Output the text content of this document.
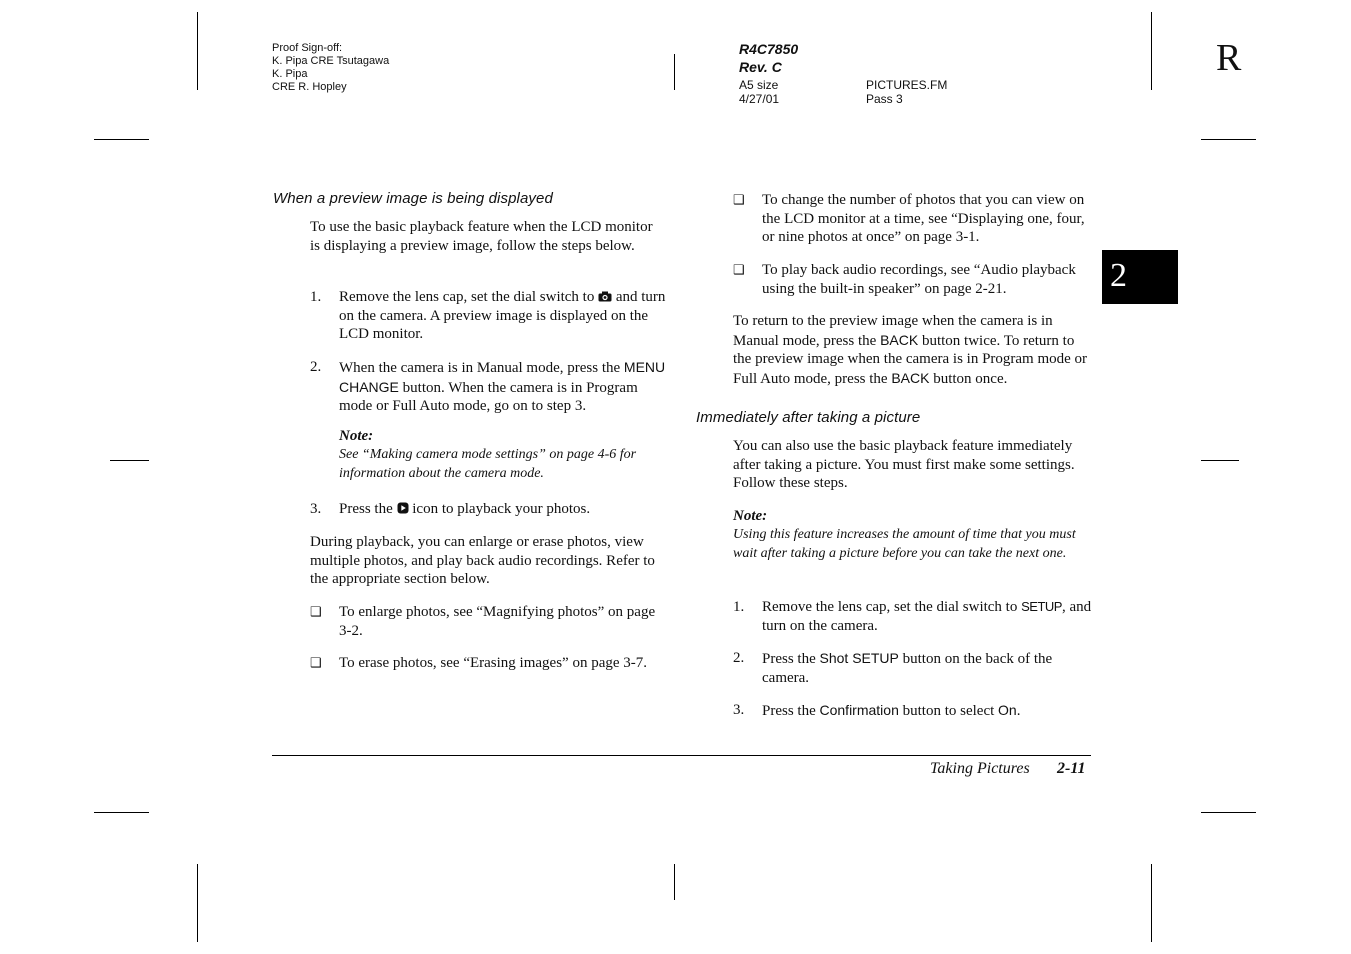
Proof Sign-off:
K. Pipa CRE Tsutagawa
K. Pipa
CRE R. Hopley
R4C7850
Rev. C
A5 size
4/27/01
PICTURES.FM
Pass 3
R
2
When a preview image is being displayed

To use the basic playback feature when the LCD monitor is displaying a preview image, follow the steps below.

1. Remove the lens cap, set the dial switch to and turn on the camera. A preview image is displayed on the LCD monitor.
2. When the camera is in Manual mode, press the MENU CHANGE button. When the camera is in Program mode or Full Auto mode, go on to step 3.
Note:
See “Making camera mode settings” on page 4-6 for information about the camera mode.
3. Press the icon to playback your photos.

During playback, you can enlarge or erase photos, view multiple photos, and play back audio recordings. Refer to the appropriate section below.

❑ To enlarge photos, see “Magnifying photos” on page 3-2.
❑ To erase photos, see “Erasing images” on page 3-7.
❑ To change the number of photos that you can view on the LCD monitor at a time, see “Displaying one, four, or nine photos at once” on page 3-1.
❑ To play back audio recordings, see “Audio playback using the built-in speaker” on page 2-21.

To return to the preview image when the camera is in Manual mode, press the BACK button twice. To return to the preview image when the camera is in Program mode or Full Auto mode, press the BACK button once.

Immediately after taking a picture

You can also use the basic playback feature immediately after taking a picture. You must first make some settings. Follow these steps.

Note:
Using this feature increases the amount of time that you must wait after taking a picture before you can take the next one.
1. Remove the lens cap, set the dial switch to SETUP, and turn on the camera.
2. Press the Shot SETUP button on the back of the camera.
3. Press the Confirmation button to select On.
Taking Pictures 2-11
